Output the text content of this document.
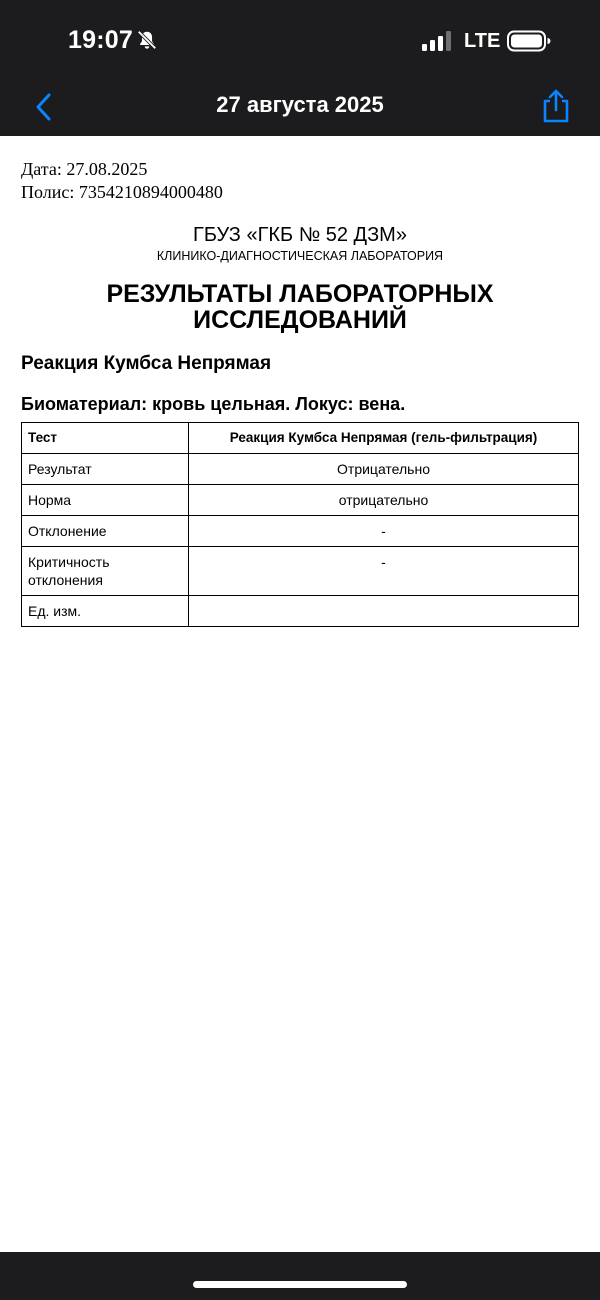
19:07	LTE
27 августа 2025
Дата: 27.08.2025
Полис: 7354210894000480
ГБУЗ «ГКБ № 52 ДЗМ»
КЛИНИКО-ДИАГНОСТИЧЕСКАЯ ЛАБОРАТОРИЯ
РЕЗУЛЬТАТЫ ЛАБОРАТОРНЫХ ИССЛЕДОВАНИЙ
Реакция Кумбса Непрямая
Биоматериал: кровь цельная. Локус: вена.
Тест	Реакция Кумбса Непрямая (гель-фильтрация)
Результат	Отрицательно
Норма	отрицательно
Отклонение	-
Критичность отклонения	-
Ед. изм.	
